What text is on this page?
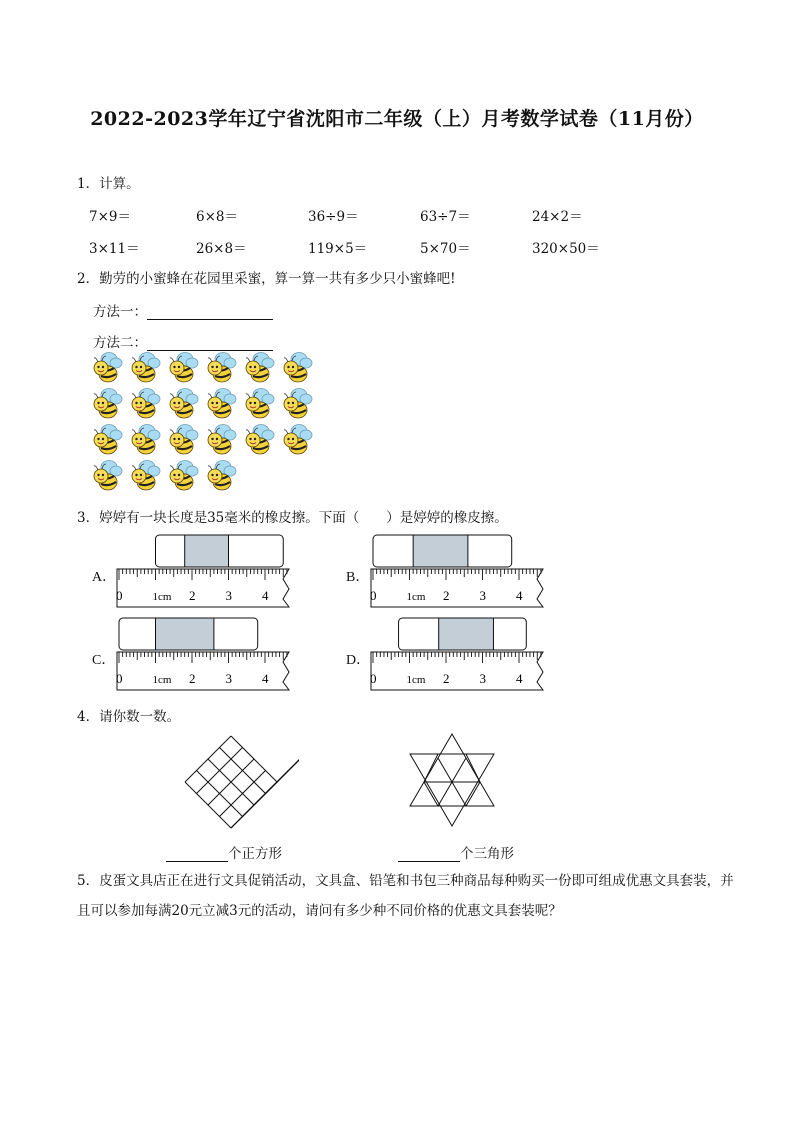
2022-2023学年辽宁省沈阳市二年级（上）月考数学试卷（11月份）
1．计算。
7×9＝	6×8＝	36÷9＝	63÷7＝	24×2＝
3×11＝	26×8＝	119×5＝	5×70＝	320×50＝
2．勤劳的小蜜蜂在花园里采蜜，算一算一共有多少只小蜜蜂吧!
方法一：
方法二：
3．婷婷有一块长度是35毫米的橡皮擦。下面（　　）是婷婷的橡皮擦。
A．
0	1cm 2 3 4
B．
0	1cm 2 3 4
C．
0	1cm 2 3 4
D．
0	1cm 2 3 4
4．请你数一数。
个正方形	个三角形
5．皮蛋文具店正在进行文具促销活动，文具盒、铅笔和书包三种商品每种购买一份即可组成优惠文具套装，并且可以参加每满20元立减3元的活动，请问有多少种不同价格的优惠文具套装呢？
